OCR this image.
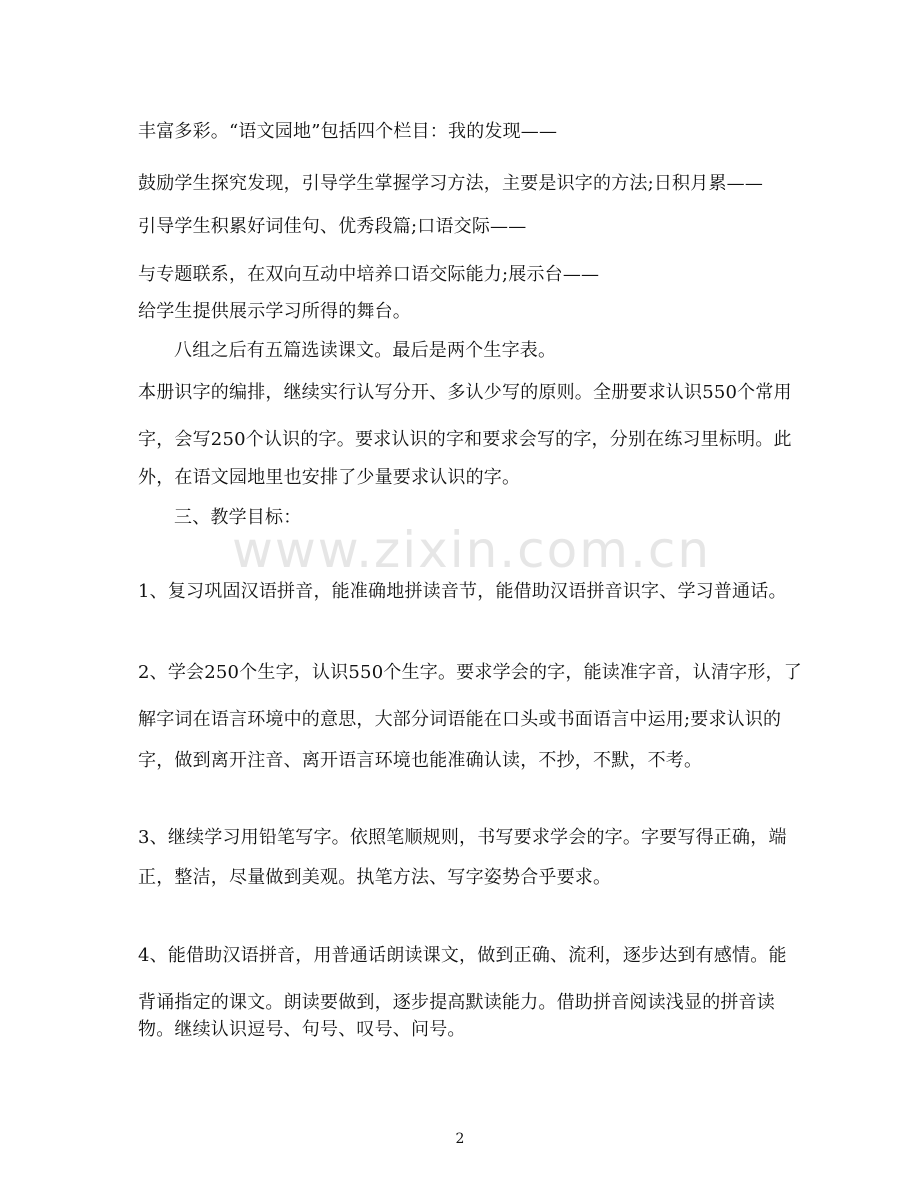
www.zixin.com.cn
丰富多彩。“语文园地”包括四个栏目：我的发现——
鼓励学生探究发现，引导学生掌握学习方法，主要是识字的方法;日积月累——
引导学生积累好词佳句、优秀段篇;口语交际——
与专题联系，在双向互动中培养口语交际能力;展示台——
给学生提供展示学习所得的舞台。
八组之后有五篇选读课文。最后是两个生字表。
本册识字的编排，继续实行认写分开、多认少写的原则。全册要求认识550个常用
字，会写250个认识的字。要求认识的字和要求会写的字，分别在练习里标明。此
外，在语文园地里也安排了少量要求认识的字。
三、教学目标：
1、复习巩固汉语拼音，能准确地拼读音节，能借助汉语拼音识字、学习普通话。
2、学会250个生字，认识550个生字。要求学会的字，能读准字音，认清字形，了
解字词在语言环境中的意思，大部分词语能在口头或书面语言中运用;要求认识的
字，做到离开注音、离开语言环境也能准确认读，不抄，不默，不考。
3、继续学习用铅笔写字。依照笔顺规则，书写要求学会的字。字要写得正确，端
正，整洁，尽量做到美观。执笔方法、写字姿势合乎要求。
4、能借助汉语拼音，用普通话朗读课文，做到正确、流利，逐步达到有感情。能
背诵指定的课文。朗读要做到，逐步提高默读能力。借助拼音阅读浅显的拼音读
物。继续认识逗号、句号、叹号、问号。
2
